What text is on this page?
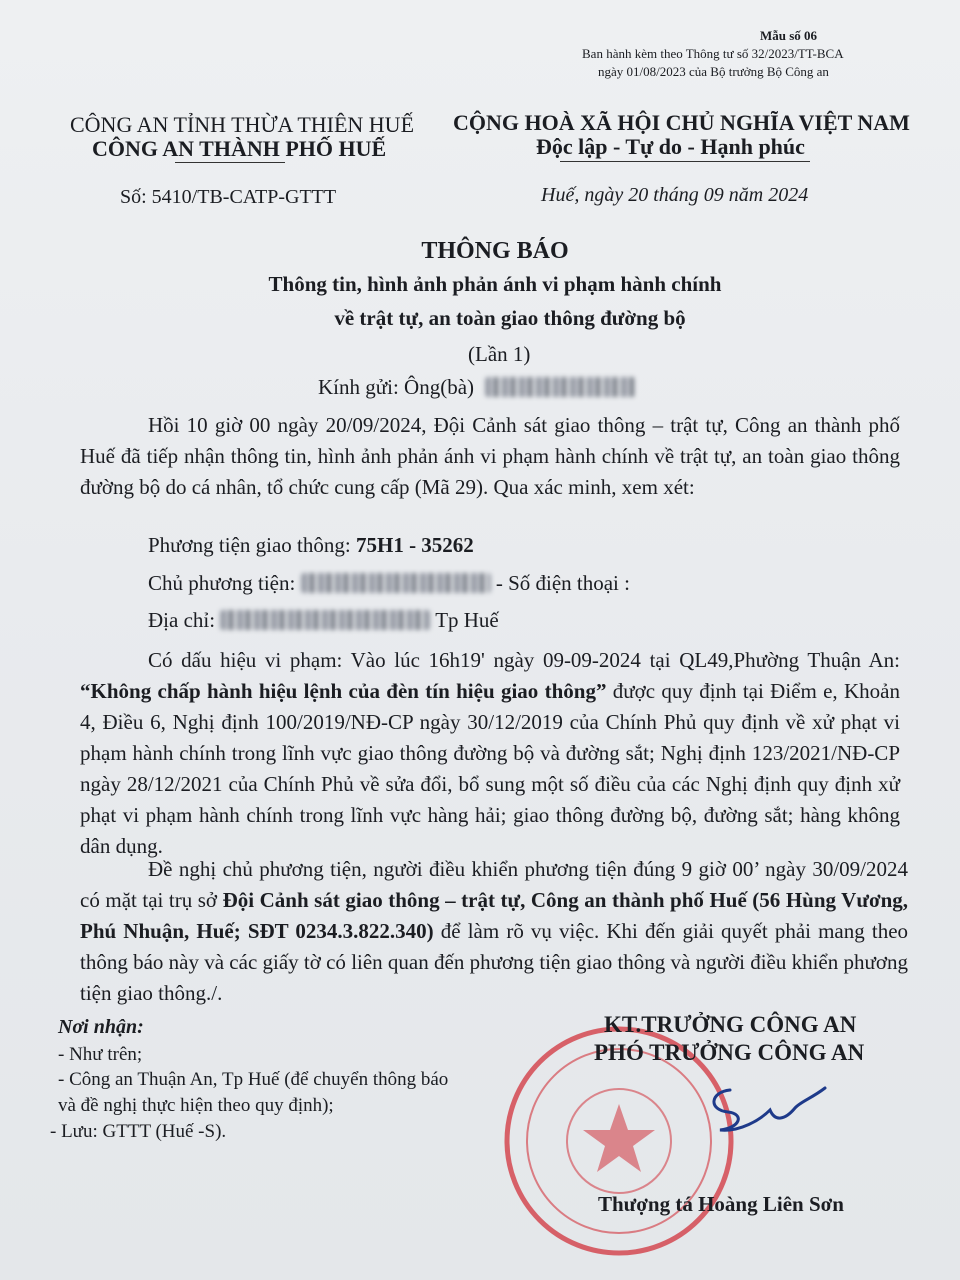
Mẫu số 06
Ban hành kèm theo Thông tư số 32/2023/TT-BCA
ngày 01/08/2023 của Bộ trưởng Bộ Công an
CÔNG AN TỈNH THỪA THIÊN HUẾ
CÔNG AN THÀNH PHỐ HUẾ
CỘNG HOÀ XÃ HỘI CHỦ NGHĨA VIỆT NAM
Độc lập - Tự do - Hạnh phúc
Số: 5410/TB-CATP-GTTT	Huế, ngày 20 tháng 09 năm 2024
THÔNG BÁO
Thông tin, hình ảnh phản ánh vi phạm hành chính
về trật tự, an toàn giao thông đường bộ
(Lần 1)
Kính gửi: Ông(bà)
Hồi 10 giờ 00 ngày 20/09/2024, Đội Cảnh sát giao thông – trật tự, Công an thành phố Huế đã tiếp nhận thông tin, hình ảnh phản ánh vi phạm hành chính về trật tự, an toàn giao thông đường bộ do cá nhân, tổ chức cung cấp (Mã 29). Qua xác minh, xem xét:
Phương tiện giao thông: 75H1 - 35262
Chủ phương tiện:	- Số điện thoại :
Địa chỉ:	Tp Huế
Có dấu hiệu vi phạm: Vào lúc 16h19' ngày 09-09-2024 tại QL49,Phường Thuận An: “Không chấp hành hiệu lệnh của đèn tín hiệu giao thông” được quy định tại Điểm e, Khoản 4, Điều 6, Nghị định 100/2019/NĐ-CP ngày 30/12/2019 của Chính Phủ quy định về xử phạt vi phạm hành chính trong lĩnh vực giao thông đường bộ và đường sắt; Nghị định 123/2021/NĐ-CP ngày 28/12/2021 của Chính Phủ về sửa đổi, bổ sung một số điều của các Nghị định quy định xử phạt vi phạm hành chính trong lĩnh vực hàng hải; giao thông đường bộ, đường sắt; hàng không dân dụng.
Đề nghị chủ phương tiện, người điều khiển phương tiện đúng 9 giờ 00’ ngày 30/09/2024 có mặt tại trụ sở Đội Cảnh sát giao thông – trật tự, Công an thành phố Huế (56 Hùng Vương, Phú Nhuận, Huế; SĐT 0234.3.822.340) để làm rõ vụ việc. Khi đến giải quyết phải mang theo thông báo này và các giấy tờ có liên quan đến phương tiện giao thông và người điều khiển phương tiện giao thông./.
Nơi nhận:
- Như trên;
- Công an Thuận An, Tp Huế (để chuyển thông báo
và đề nghị thực hiện theo quy định);
- Lưu: GTTT (Huế -S).
KT.TRƯỞNG CÔNG AN
PHÓ TRƯỞNG CÔNG AN
Thượng tá Hoàng Liên Sơn
